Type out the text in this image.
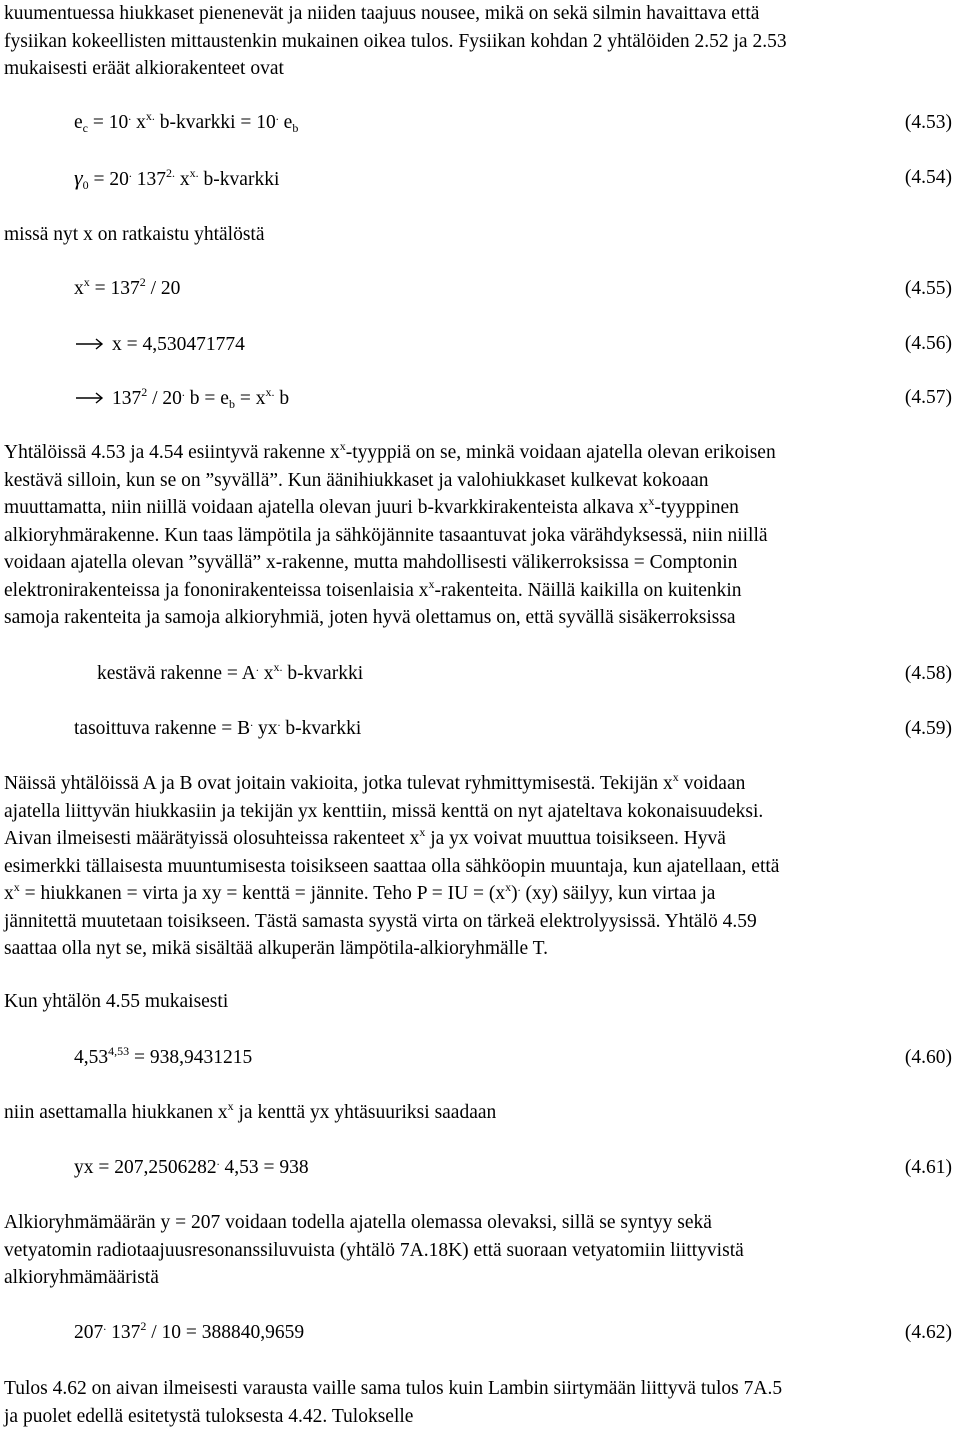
kuumentuessa hiukkaset pienenevät ja niiden taajuus nousee, mikä on sekä silmin havaittava että
fysiikan kokeellisten mittaustenkin mukainen oikea tulos. Fysiikan kohdan 2 yhtälöiden 2.52 ja 2.53
mukaisesti eräät alkiorakenteet ovat
$e_c = 10^.$ $x^{x.}$ b-kvarkki = 10. $e_b$	(4.53)
$\gamma_0 = 20^.$ $137^{2.}$ $x^{x.}$ b-kvarkki	(4.54)
missä nyt x on ratkaistu yhtälöstä
$x^x = 137^2 / 20$	(4.55)
x = 4,530471774	(4.56)
$137^2 / 20^.$ $b = e_b = x^{x.}$ b	(4.57)
Yhtälöissä 4.53 ja 4.54 esiintyvä rakenne $x^x$-tyyppiä on se, minkä voidaan ajatella olevan erikoisen
kestävä silloin, kun se on ”syvällä”. Kun äänihiukkaset ja valohiukkaset kulkevat kokoaan
muuttamatta, niin niillä voidaan ajatella olevan juuri b-kvarkkirakenteista alkava $x^x$-tyyppinen
alkioryhmärakenne. Kun taas lämpötila ja sähköjännite tasaantuvat joka värähdyksessä, niin niillä
voidaan ajatella olevan ”syvällä” x-rakenne, mutta mahdollisesti välikerroksissa = Comptonin
elektronirakenteissa ja fononirakenteissa toisenlaisia $x^x$-rakenteita. Näillä kaikilla on kuitenkin
samoja rakenteita ja samoja alkioryhmiä, joten hyvä olettamus on, että syvällä sisäkerroksissa
kestävä rakenne = A. $x^{x.}$ b-kvarkki	(4.58)
tasoittuva rakenne = B. yx. b-kvarkki	(4.59)
Näissä yhtälöissä A ja B ovat joitain vakioita, jotka tulevat ryhmittymisestä. Tekijän $x^x$ voidaan
ajatella liittyvän hiukkasiin ja tekijän yx kenttiin, missä kenttä on nyt ajateltava kokonaisuudeksi.
Aivan ilmeisesti määrätyissä olosuhteissa rakenteet $x^x$ ja yx voivat muuttua toisikseen. Hyvä
esimerkki tällaisesta muuntumisesta toisikseen saattaa olla sähköopin muuntaja, kun ajatellaan, että
$x^x$ = hiukkanen = virta ja xy = kenttä = jännite. Teho P = IU = $(x^x)^.$ (xy) säilyy, kun virtaa ja
jännitettä muutetaan toisikseen. Tästä samasta syystä virta on tärkeä elektrolyysissä. Yhtälö 4.59
saattaa olla nyt se, mikä sisältää alkuperän lämpötila-alkioryhmälle T.
Kun yhtälön 4.55 mukaisesti
$4,53^{4,53} = 938,9431215$	(4.60)
niin asettamalla hiukkanen $x^x$ ja kenttä yx yhtäsuuriksi saadaan
yx = 207,2506282. 4,53 = 938	(4.61)
Alkioryhmämäärän y = 207 voidaan todella ajatella olemassa olevaksi, sillä se syntyy sekä
vetyatomin radiotaajuusresonanssiluvuista (yhtälö 7A.18K) että suoraan vetyatomiin liittyvistä
alkioryhmämääristä
207. $137^2 / 10 = 388840,9659$	(4.62)
Tulos 4.62 on aivan ilmeisesti varausta vaille sama tulos kuin Lambin siirtymään liittyvä tulos 7A.5
ja puolet edellä esitetystä tuloksesta 4.42. Tulokselle
